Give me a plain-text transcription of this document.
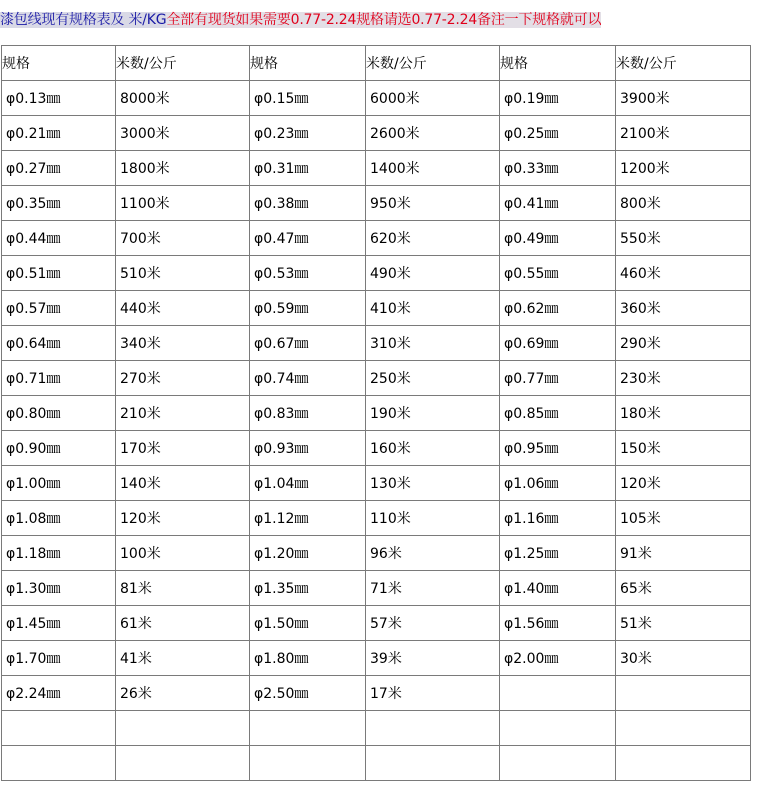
漆包线现有规格表及 米/KG全部有现货如果需要0.77-2.24规格请选0.77-2.24备注一下规格就可以
规格	米数/公斤	规格	米数/公斤	规格	米数/公斤
φ0.13㎜	8000米	φ0.15㎜	6000米	φ0.19㎜	3900米
φ0.21㎜	3000米	φ0.23㎜	2600米	φ0.25㎜	2100米
φ0.27㎜	1800米	φ0.31㎜	1400米	φ0.33㎜	1200米
φ0.35㎜	1100米	φ0.38㎜	950米	φ0.41㎜	800米
φ0.44㎜	700米	φ0.47㎜	620米	φ0.49㎜	550米
φ0.51㎜	510米	φ0.53㎜	490米	φ0.55㎜	460米
φ0.57㎜	440米	φ0.59㎜	410米	φ0.62㎜	360米
φ0.64㎜	340米	φ0.67㎜	310米	φ0.69㎜	290米
φ0.71㎜	270米	φ0.74㎜	250米	φ0.77㎜	230米
φ0.80㎜	210米	φ0.83㎜	190米	φ0.85㎜	180米
φ0.90㎜	170米	φ0.93㎜	160米	φ0.95㎜	150米
φ1.00㎜	140米	φ1.04㎜	130米	φ1.06㎜	120米
φ1.08㎜	120米	φ1.12㎜	110米	φ1.16㎜	105米
φ1.18㎜	100米	φ1.20㎜	96米	φ1.25㎜	91米
φ1.30㎜	81米	φ1.35㎜	71米	φ1.40㎜	65米
φ1.45㎜	61米	φ1.50㎜	57米	φ1.56㎜	51米
φ1.70㎜	41米	φ1.80㎜	39米	φ2.00㎜	30米
φ2.24㎜	26米	φ2.50㎜	17米		
